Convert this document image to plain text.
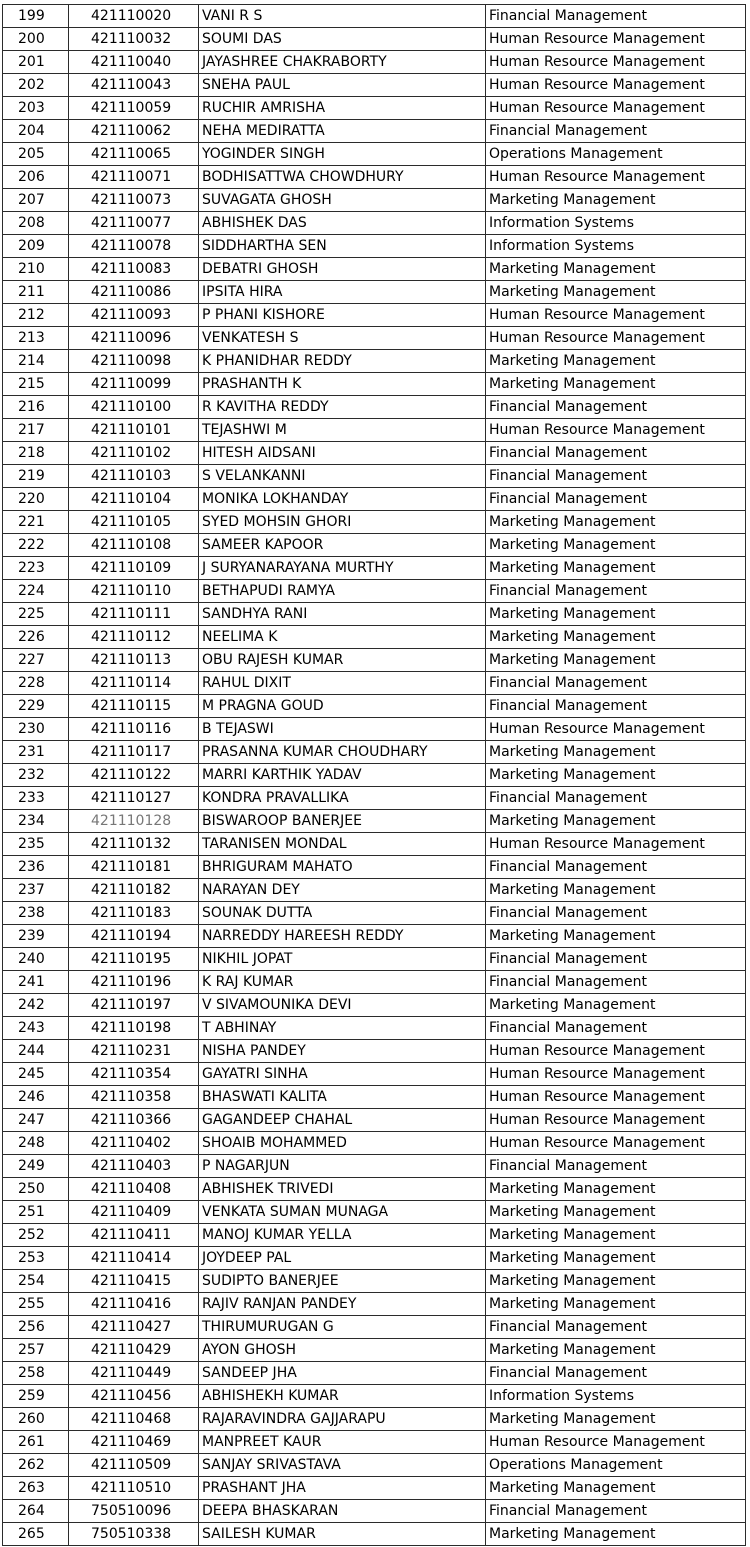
199	421110020	VANI R S	Financial Management
200	421110032	SOUMI DAS	Human Resource Management
201	421110040	JAYASHREE CHAKRABORTY	Human Resource Management
202	421110043	SNEHA PAUL	Human Resource Management
203	421110059	RUCHIR AMRISHA	Human Resource Management
204	421110062	NEHA MEDIRATTA	Financial Management
205	421110065	YOGINDER SINGH	Operations Management
206	421110071	BODHISATTWA CHOWDHURY	Human Resource Management
207	421110073	SUVAGATA GHOSH	Marketing Management
208	421110077	ABHISHEK DAS	Information Systems
209	421110078	SIDDHARTHA SEN	Information Systems
210	421110083	DEBATRI GHOSH	Marketing Management
211	421110086	IPSITA HIRA	Marketing Management
212	421110093	P PHANI KISHORE	Human Resource Management
213	421110096	VENKATESH S	Human Resource Management
214	421110098	K PHANIDHAR REDDY	Marketing Management
215	421110099	PRASHANTH K	Marketing Management
216	421110100	R KAVITHA REDDY	Financial Management
217	421110101	TEJASHWI M	Human Resource Management
218	421110102	HITESH AIDSANI	Financial Management
219	421110103	S VELANKANNI	Financial Management
220	421110104	MONIKA LOKHANDAY	Financial Management
221	421110105	SYED MOHSIN GHORI	Marketing Management
222	421110108	SAMEER KAPOOR	Marketing Management
223	421110109	J SURYANARAYANA MURTHY	Marketing Management
224	421110110	BETHAPUDI RAMYA	Financial Management
225	421110111	SANDHYA RANI	Marketing Management
226	421110112	NEELIMA K	Marketing Management
227	421110113	OBU RAJESH KUMAR	Marketing Management
228	421110114	RAHUL DIXIT	Financial Management
229	421110115	M PRAGNA GOUD	Financial Management
230	421110116	B TEJASWI	Human Resource Management
231	421110117	PRASANNA KUMAR CHOUDHARY	Marketing Management
232	421110122	MARRI KARTHIK YADAV	Marketing Management
233	421110127	KONDRA PRAVALLIKA	Financial Management
234	421110128	BISWAROOP BANERJEE	Marketing Management
235	421110132	TARANISEN MONDAL	Human Resource Management
236	421110181	BHRIGURAM MAHATO	Financial Management
237	421110182	NARAYAN DEY	Marketing Management
238	421110183	SOUNAK DUTTA	Financial Management
239	421110194	NARREDDY HAREESH REDDY	Marketing Management
240	421110195	NIKHIL JOPAT	Financial Management
241	421110196	K RAJ KUMAR	Financial Management
242	421110197	V SIVAMOUNIKA DEVI	Marketing Management
243	421110198	T ABHINAY	Financial Management
244	421110231	NISHA PANDEY	Human Resource Management
245	421110354	GAYATRI SINHA	Human Resource Management
246	421110358	BHASWATI KALITA	Human Resource Management
247	421110366	GAGANDEEP CHAHAL	Human Resource Management
248	421110402	SHOAIB MOHAMMED	Human Resource Management
249	421110403	P NAGARJUN	Financial Management
250	421110408	ABHISHEK TRIVEDI	Marketing Management
251	421110409	VENKATA SUMAN MUNAGA	Marketing Management
252	421110411	MANOJ KUMAR YELLA	Marketing Management
253	421110414	JOYDEEP PAL	Marketing Management
254	421110415	SUDIPTO BANERJEE	Marketing Management
255	421110416	RAJIV RANJAN PANDEY	Marketing Management
256	421110427	THIRUMURUGAN G	Financial Management
257	421110429	AYON GHOSH	Marketing Management
258	421110449	SANDEEP JHA	Financial Management
259	421110456	ABHISHEKH KUMAR	Information Systems
260	421110468	RAJARAVINDRA GAJJARAPU	Marketing Management
261	421110469	MANPREET KAUR	Human Resource Management
262	421110509	SANJAY SRIVASTAVA	Operations Management
263	421110510	PRASHANT JHA	Marketing Management
264	750510096	DEEPA BHASKARAN	Financial Management
265	750510338	SAILESH KUMAR	Marketing Management
